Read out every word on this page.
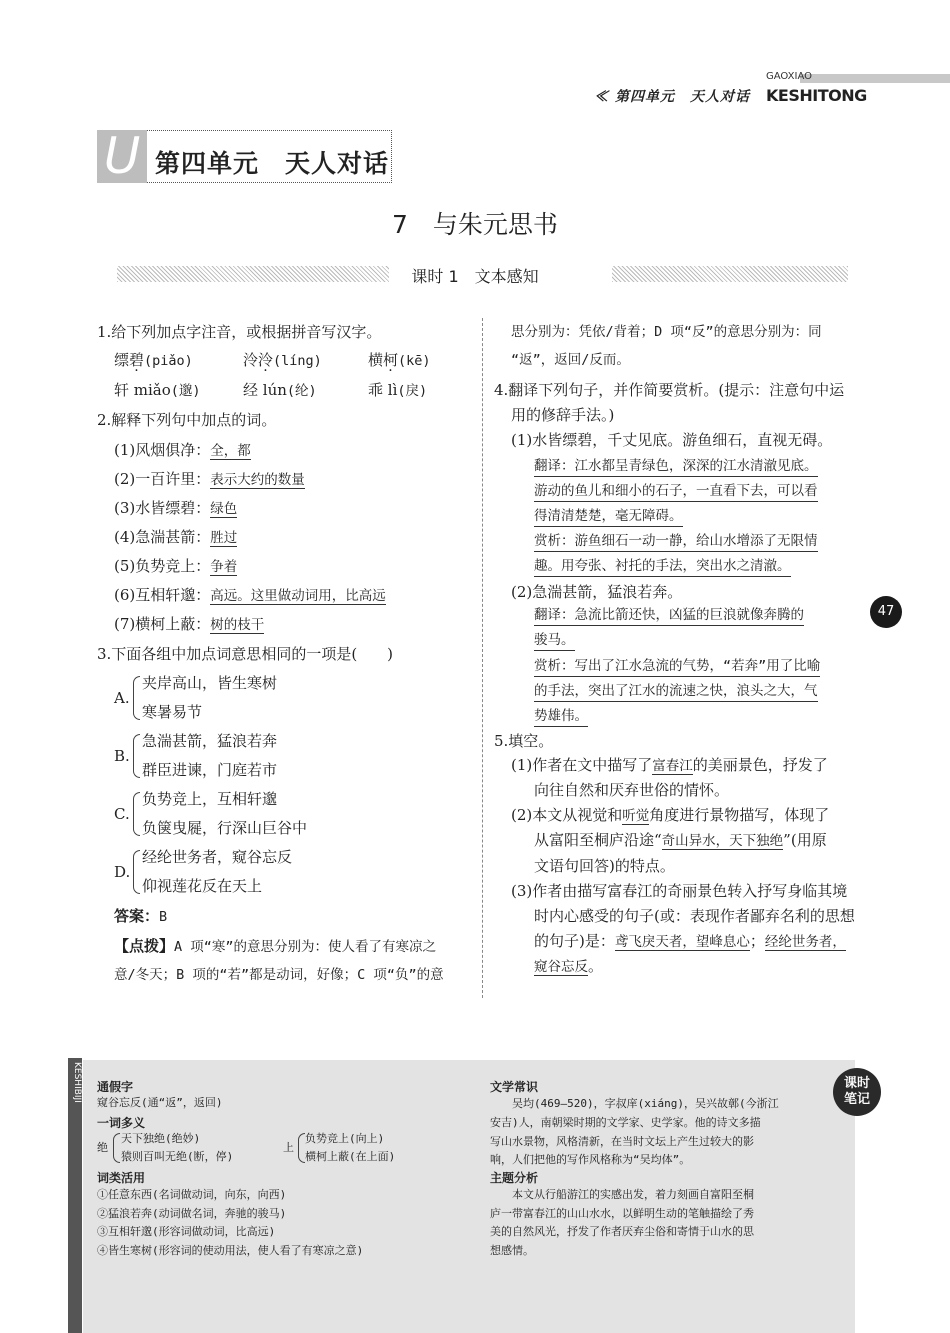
≪ 第四单元　天人对话
GAOXIAO
KESHITONG
U 第四单元　天人对话
7　与朱元思书
课时 1　文本感知
1.给下列加点字注音，或根据拼音写汉字。
缥碧(piǎo)	泠泠(líng)	横柯(kē)
轩 miǎo(邈)	经 lún(纶)	乖 lì(戾)
2.解释下列句中加点的词。
(1)风烟俱净：全，都
(2)一百许里：表示大约的数量
(3)水皆缥碧：绿色
(4)急湍甚箭：胜过
(5)负势竞上：争着
(6)互相轩邈：高远。这里做动词用，比高远
(7)横柯上蔽：树的枝干
3.下面各组中加点词意思相同的一项是(　　)
A.
夹岸高山，皆生寒树
寒暑易节
B.
急湍甚箭，猛浪若奔
群臣进谏，门庭若市
C.
负势竞上，互相轩邈
负箧曳屣，行深山巨谷中
D.
经纶世务者，窥谷忘反
仰视莲花反在天上
答案：B
【点拨】A 项“寒”的意思分别为：使人看了有寒凉之
意/冬天；B 项的“若”都是动词，好像；C 项“负”的意
思分别为：凭依/背着；D 项“反”的意思分别为：同
“返”，返回/反而。
4.翻译下列句子，并作简要赏析。(提示：注意句中运
用的修辞手法。)
(1)水皆缥碧，千丈见底。游鱼细石，直视无碍。
翻译：江水都呈青绿色，深深的江水清澈见底。
游动的鱼儿和细小的石子，一直看下去，可以看
得清清楚楚，毫无障碍。
赏析：游鱼细石一动一静，给山水增添了无限情
趣。用夸张、衬托的手法，突出水之清澈。
(2)急湍甚箭，猛浪若奔。
翻译：急流比箭还快，凶猛的巨浪就像奔腾的
骏马。
赏析：写出了江水急流的气势，“若奔”用了比喻
的手法，突出了江水的流速之快，浪头之大，气
势雄伟。
47
5.填空。
(1)作者在文中描写了富春江的美丽景色，抒发了
向往自然和厌弃世俗的情怀。
(2)本文从视觉和听觉角度进行景物描写，体现了
从富阳至桐庐沿途“奇山异水，天下独绝”(用原
文语句回答)的特点。
(3)作者由描写富春江的奇丽景色转入抒写身临其境
时内心感受的句子(或：表现作者鄙弃名利的思想
的句子)是：鸢飞戾天者，望峰息心；经纶世务者，
窥谷忘反。
KESHIBIJI	课时
笔记
通假字
窥谷忘反(通“返”，返回)
一词多义
绝
天下独绝(绝妙)
猿则百叫无绝(断，停)
上
负势竞上(向上)
横柯上蔽(在上面)
词类活用
①任意东西(名词做动词，向东，向西)
②猛浪若奔(动词做名词，奔驰的骏马)
③互相轩邈(形容词做动词，比高远)
④皆生寒树(形容词的使动用法，使人看了有寒凉之意)
文学常识
　　吴均(469—520)，字叔庠(xiáng)，吴兴故鄣(今浙江
安吉)人，南朝梁时期的文学家、史学家。他的诗文多描
写山水景物，风格清新，在当时文坛上产生过较大的影
响，人们把他的写作风格称为“吴均体”。
主题分析
　　本文从行船游江的实感出发，着力刻画自富阳至桐
庐一带富春江的山山水水，以鲜明生动的笔触描绘了秀
美的自然风光，抒发了作者厌弃尘俗和寄情于山水的思
想感情。
